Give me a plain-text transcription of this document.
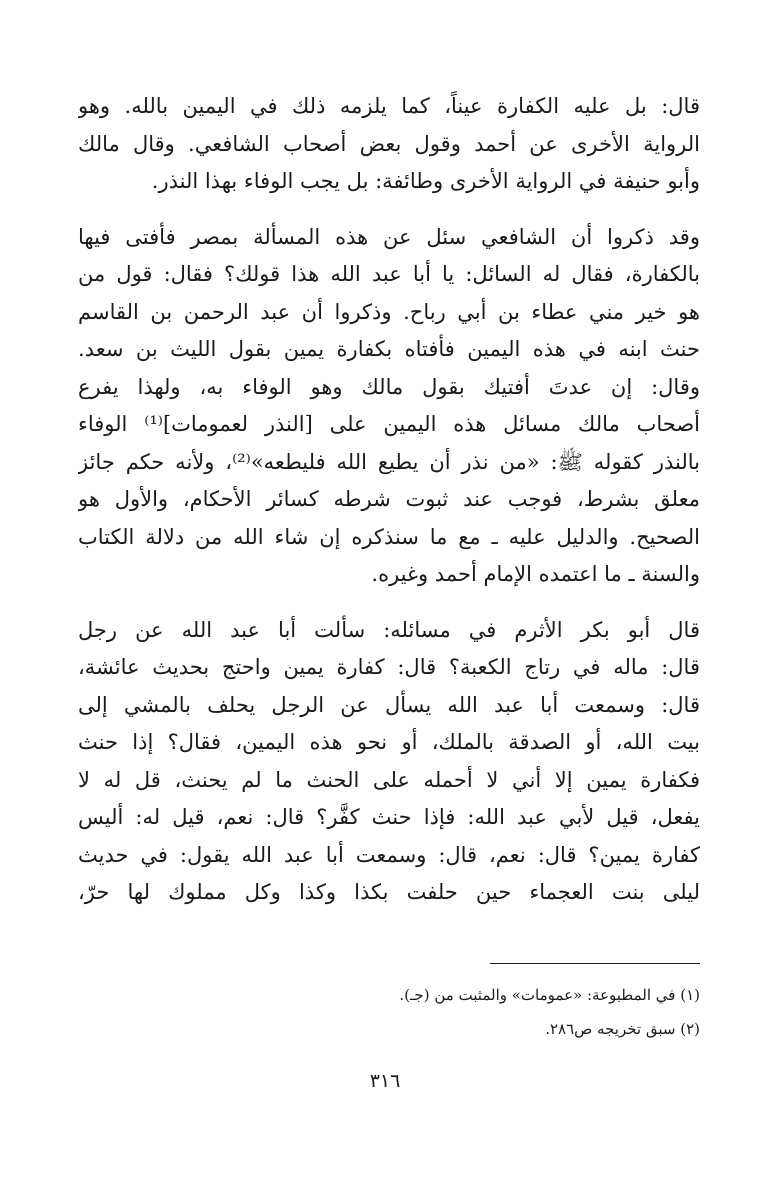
قال: بل عليه الكفارة عيناً، كما يلزمه ذلك في اليمين بالله. وهو
الرواية الأخرى عن أحمد وقول بعض أصحاب الشافعي. وقال مالك
وأبو حنيفة في الرواية الأخرى وطائفة: بل يجب الوفاء بهذا النذر.
وقد ذكروا أن الشافعي سئل عن هذه المسألة بمصر فأفتى فيها
بالكفارة، فقال له السائل: يا أبا عبد الله هذا قولك؟ فقال: قول من
هو خير مني عطاء بن أبي رباح. وذكروا أن عبد الرحمن بن القاسم
حنث ابنه في هذه اليمين فأفتاه بكفارة يمين بقول الليث بن سعد.
وقال: إن عدتَ أفتيك بقول مالك وهو الوفاء به، ولهذا يفرع
أصحاب مالك مسائل هذه اليمين على [النذر لعمومات]⁽¹⁾ الوفاء
بالنذر كقوله ﷺ: «من نذر أن يطيع الله فليطعه»⁽²⁾، ولأنه حكم جائز
معلق بشرط، فوجب عند ثبوت شرطه كسائر الأحكام، والأول هو
الصحيح. والدليل عليه ـ مع ما سنذكره إن شاء الله من دلالة الكتاب
والسنة ـ ما اعتمده الإمام أحمد وغيره.
قال أبو بكر الأثرم في مسائله: سألت أبا عبد الله عن رجل
قال: ماله في رتاج الكعبة؟ قال: كفارة يمين واحتج بحديث عائشة،
قال: وسمعت أبا عبد الله يسأل عن الرجل يحلف بالمشي إلى
بيت الله، أو الصدقة بالملك، أو نحو هذه اليمين، فقال؟ إذا حنث
فكفارة يمين إلا أني لا أحمله على الحنث ما لم يحنث، قل له لا
يفعل، قيل لأبي عبد الله: فإذا حنث كفَّر؟ قال: نعم، قيل له: أليس
كفارة يمين؟ قال: نعم، قال: وسمعت أبا عبد الله يقول: في حديث
ليلى بنت العجماء حين حلفت بكذا وكذا وكل مملوك لها حرّ،
(١) في المطبوعة: «عمومات» والمثبت من (جـ).
(٢) سبق تخريجه ص٢٨٦.
٣١٦
